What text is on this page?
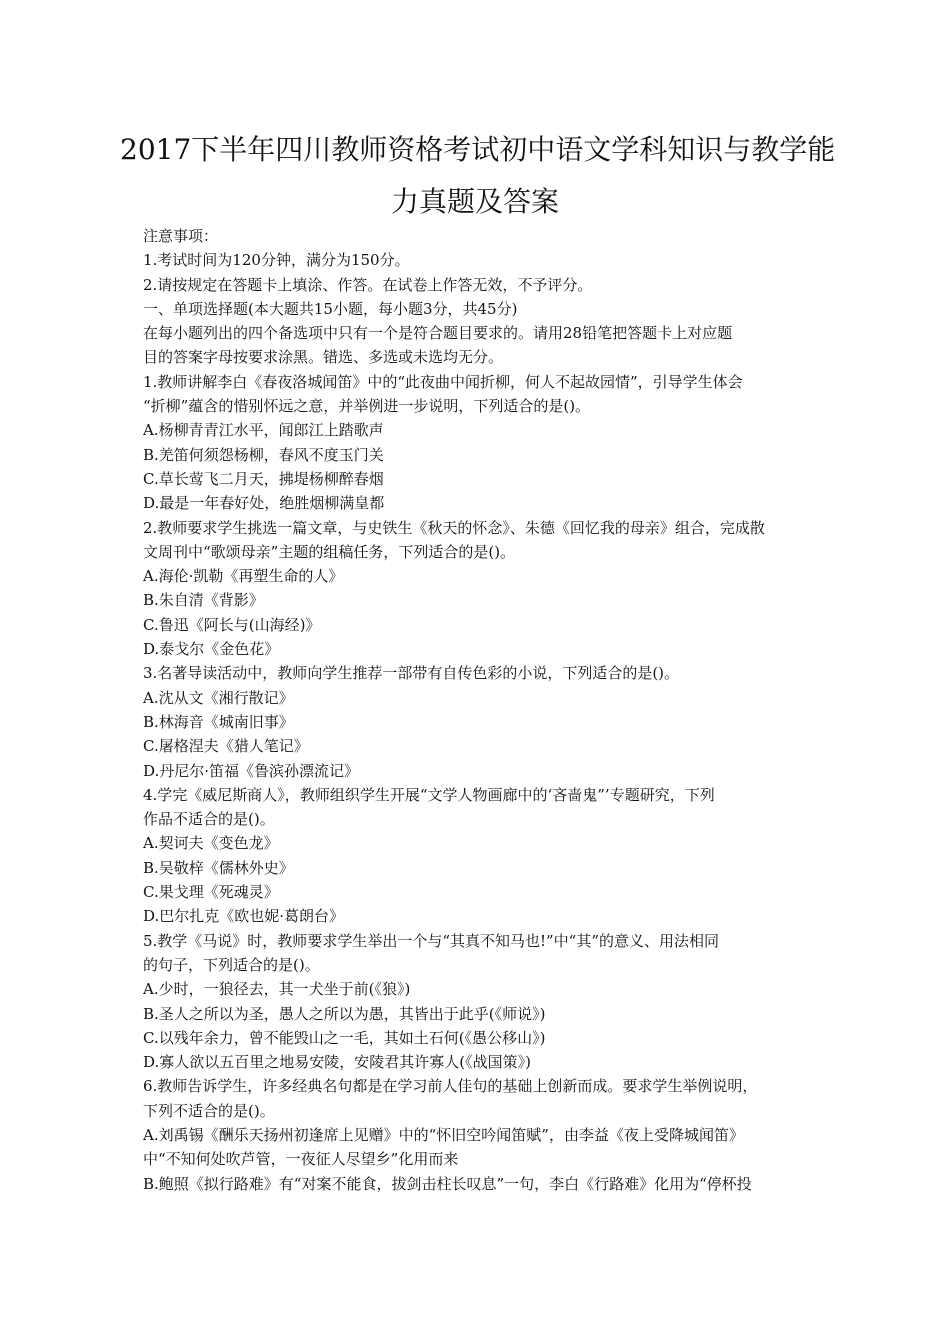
2017下半年四川教师资格考试初中语文学科知识与教学能
力真题及答案
注意事项：
1.考试时间为120分钟，满分为150分。
2.请按规定在答题卡上填涂、作答。在试卷上作答无效，不予评分。
一、单项选择题(本大题共15小题，每小题3分，共45分)
在每小题列出的四个备选项中只有一个是符合题目要求的。请用28铅笔把答题卡上对应题
目的答案字母按要求涂黑。错选、多选或未选均无分。
1.教师讲解李白《春夜洛城闻笛》中的“此夜曲中闻折柳，何人不起故园情”，引导学生体会
“折柳”蕴含的惜别怀远之意，并举例进一步说明，下列适合的是()。
A.杨柳青青江水平，闻郎江上踏歌声
B.羌笛何须怨杨柳，春风不度玉门关
C.草长莺飞二月天，拂堤杨柳醉春烟
D.最是一年春好处，绝胜烟柳满皇都
2.教师要求学生挑选一篇文章，与史铁生《秋天的怀念》、朱德《回忆我的母亲》组合，完成散
文周刊中“歌颂母亲”主题的组稿任务，下列适合的是()。
A.海伦·凯勒《再塑生命的人》
B.朱自清《背影》
C.鲁迅《阿长与(山海经)》
D.泰戈尔《金色花》
3.名著导读活动中，教师向学生推荐一部带有自传色彩的小说，下列适合的是()。
A.沈从文《湘行散记》
B.林海音《城南旧事》
C.屠格涅夫《猎人笔记》
D.丹尼尔·笛福《鲁滨孙漂流记》
4.学完《威尼斯商人》，教师组织学生开展“文学人物画廊中的‘吝啬鬼”’专题研究，下列
作品不适合的是()。
A.契诃夫《变色龙》
B.吴敬梓《儒林外史》
C.果戈理《死魂灵》
D.巴尔扎克《欧也妮·葛朗台》
5.教学《马说》时，教师要求学生举出一个与“其真不知马也!”中“其”的意义、用法相同
的句子，下列适合的是()。
A.少时，一狼径去，其一犬坐于前(《狼》)
B.圣人之所以为圣，愚人之所以为愚，其皆出于此乎(《师说》)
C.以残年余力，曾不能毁山之一毛，其如土石何(《愚公移山》)
D.寡人欲以五百里之地易安陵，安陵君其许寡人(《战国策》)
6.教师告诉学生，许多经典名句都是在学习前人佳句的基础上创新而成。要求学生举例说明，
下列不适合的是()。
A.刘禹锡《酬乐天扬州初逢席上见赠》中的“怀旧空吟闻笛赋”，由李益《夜上受降城闻笛》
中“不知何处吹芦管，一夜征人尽望乡”化用而来
B.鲍照《拟行路难》有“对案不能食，拔剑击柱长叹息”一句，李白《行路难》化用为“停杯投
